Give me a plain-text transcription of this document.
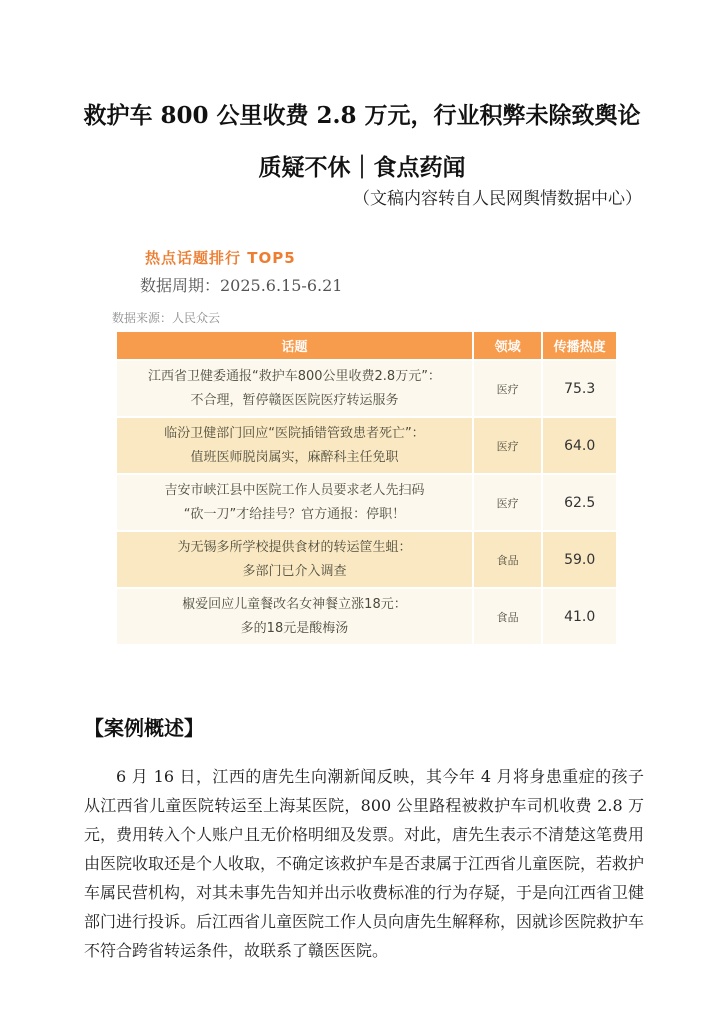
救护车 800 公里收费 2.8 万元，行业积弊未除致舆论
质疑不休｜食点药闻
（文稿内容转自人民网舆情数据中心）
热点话题排行 TOP5
数据周期：2025.6.15-6.21
数据来源：人民众云
话题	领域	传播热度

江西省卫健委通报“救护车800公里收费2.8万元”：
不合理，暂停赣医医院医疗转运服务	医疗	75.3

临汾卫健部门回应“医院插错管致患者死亡”：
值班医师脱岗属实，麻醉科主任免职	医疗	64.0

吉安市峡江县中医院工作人员要求老人先扫码
“砍一刀”才给挂号？官方通报：停职！	医疗	62.5

为无锡多所学校提供食材的转运筐生蛆：
多部门已介入调查	食品	59.0

椒爱回应儿童餐改名女神餐立涨18元：
多的18元是酸梅汤	食品	41.0
【案例概述】
6 月 16 日，江西的唐先生向潮新闻反映，其今年 4 月将身患重症的孩子从江西省儿童医院转运至上海某医院，800 公里路程被救护车司机收费 2.8 万元，费用转入个人账户且无价格明细及发票。对此，唐先生表示不清楚这笔费用由医院收取还是个人收取，不确定该救护车是否隶属于江西省儿童医院，若救护车属民营机构，对其未事先告知并出示收费标准的行为存疑，于是向江西省卫健部门进行投诉。后江西省儿童医院工作人员向唐先生解释称，因就诊医院救护车不符合跨省转运条件，故联系了赣医医院。
